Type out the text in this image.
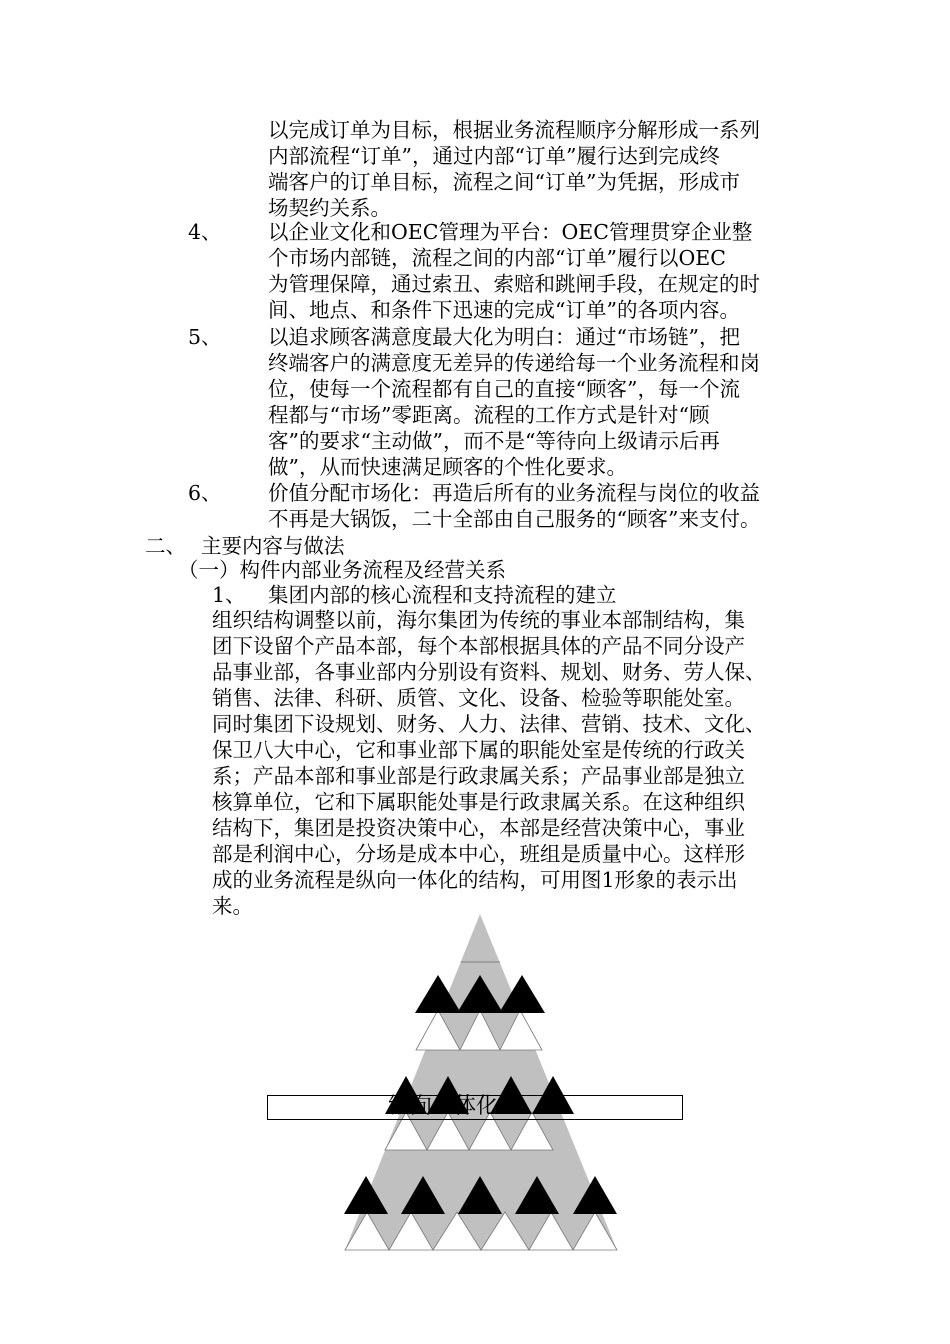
以完成订单为目标，根据业务流程顺序分解形成一系列
内部流程“订单”，通过内部“订单”履行达到完成终
端客户的订单目标，流程之间“订单”为凭据，形成市
场契约关系。
4、 以企业文化和OEC管理为平台：OEC管理贯穿企业整
个市场内部链，流程之间的内部“订单”履行以OEC
为管理保障，通过索丑、索赔和跳闸手段，在规定的时
间、地点、和条件下迅速的完成“订单”的各项内容。
5、 以追求顾客满意度最大化为明白：通过“市场链”，把
终端客户的满意度无差异的传递给每一个业务流程和岗
位，使每一个流程都有自己的直接“顾客”，每一个流
程都与“市场”零距离。流程的工作方式是针对“顾
客”的要求“主动做”，而不是“等待向上级请示后再
做”，从而快速满足顾客的个性化要求。
6、 价值分配市场化：再造后所有的业务流程与岗位的收益
不再是大锅饭，二十全部由自己服务的“顾客”来支付。
二、 主要内容与做法
（一）构件内部业务流程及经营关系
1、 集团内部的核心流程和支持流程的建立
组织结构调整以前，海尔集团为传统的事业本部制结构，集
团下设留个产品本部，每个本部根据具体的产品不同分设产
品事业部，各事业部内分别设有资料、规划、财务、劳人保、
销售、法律、科研、质管、文化、设备、检验等职能处室。
同时集团下设规划、财务、人力、法律、营销、技术、文化、
保卫八大中心，它和事业部下属的职能处室是传统的行政关
系；产品本部和事业部是行政隶属关系；产品事业部是独立
核算单位，它和下属职能处事是行政隶属关系。在这种组织
结构下，集团是投资决策中心，本部是经营决策中心，事业
部是利润中心，分场是成本中心，班组是质量中心。这样形
成的业务流程是纵向一体化的结构，可用图1形象的表示出
来。
纵向一体化
